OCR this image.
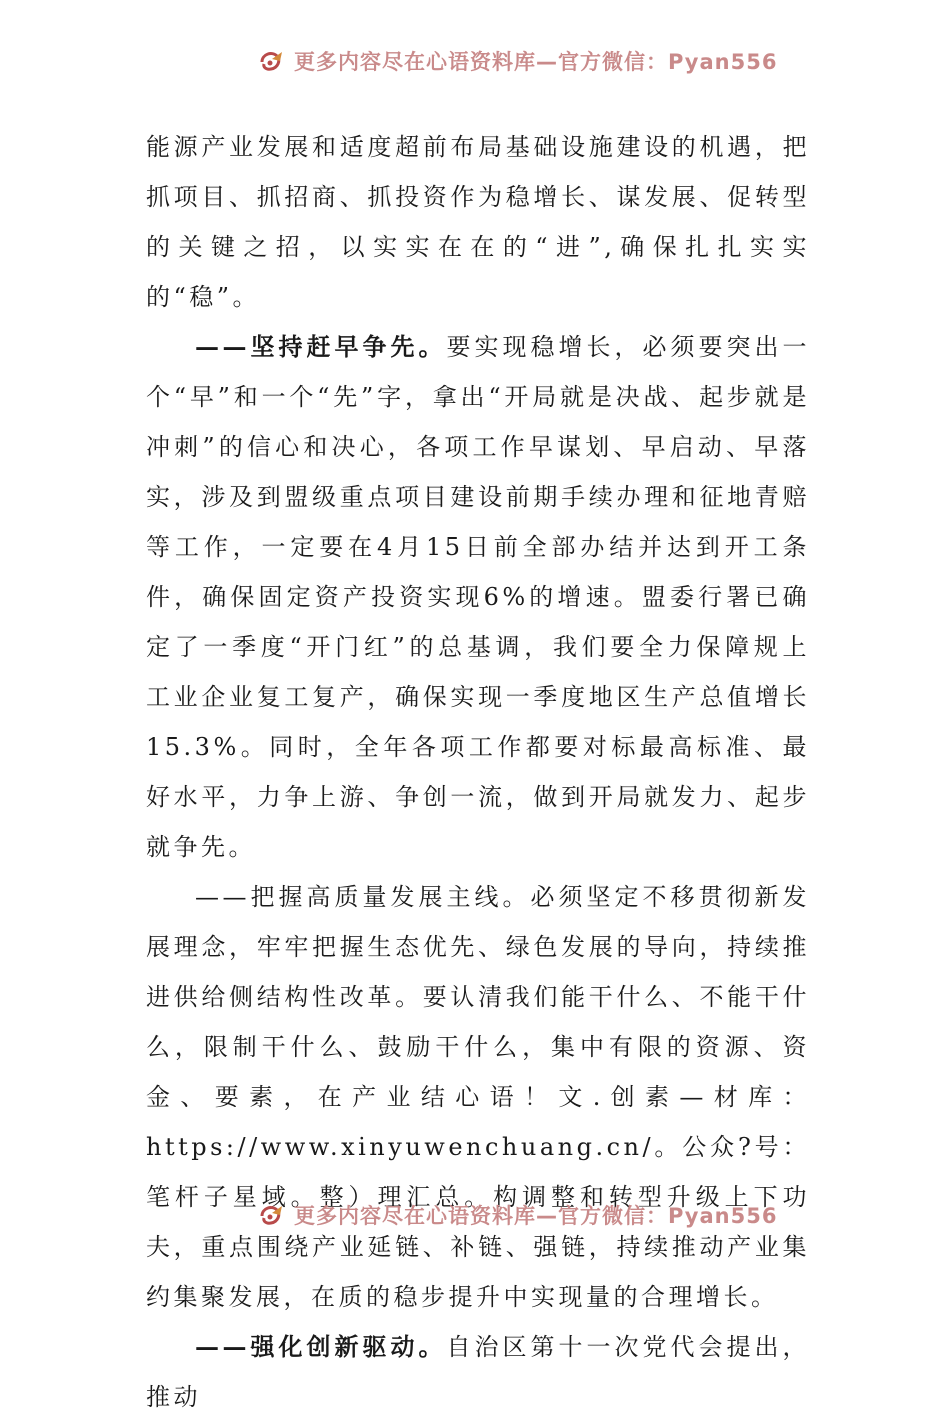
更多内容尽在心语资料库—官方微信：Pyan556

能源产业发展和适度超前布局基础设施建设的机遇，把抓项目、抓招商、抓投资作为稳增长、谋发展、促转型的关键之招，以实实在在的“进”,确保扎扎实实的“稳”。

——坚持赶早争先。要实现稳增长，必须要突出一个“早”和一个“先”字，拿出“开局就是决战、起步就是冲刺”的信心和决心，各项工作早谋划、早启动、早落实，涉及到盟级重点项目建设前期手续办理和征地青赔等工作，一定要在4月15日前全部办结并达到开工条件，确保固定资产投资实现6%的增速。盟委行署已确定了一季度“开门红”的总基调，我们要全力保障规上工业企业复工复产，确保实现一季度地区生产总值增长15.3%。同时，全年各项工作都要对标最高标准、最好水平，力争上游、争创一流，做到开局就发力、起步就争先。

——把握高质量发展主线。必须坚定不移贯彻新发展理念，牢牢把握生态优先、绿色发展的导向，持续推进供给侧结构性改革。要认清我们能干什么、不能干什么，限制干什么、鼓励干什么，集中有限的资源、资金、要素，在产业结心语！文.创素—材库：https://www.xinyuwenchuang.cn/。公众?号：笔杆子星域。整）理汇总。构调整和转型升级上下功夫，重点围绕产业延链、补链、强链，持续推动产业集约集聚发展，在质的稳步提升中实现量的合理增长。

——强化创新驱动。自治区第十一次党代会提出，推动

更多内容尽在心语资料库—官方微信：Pyan556
